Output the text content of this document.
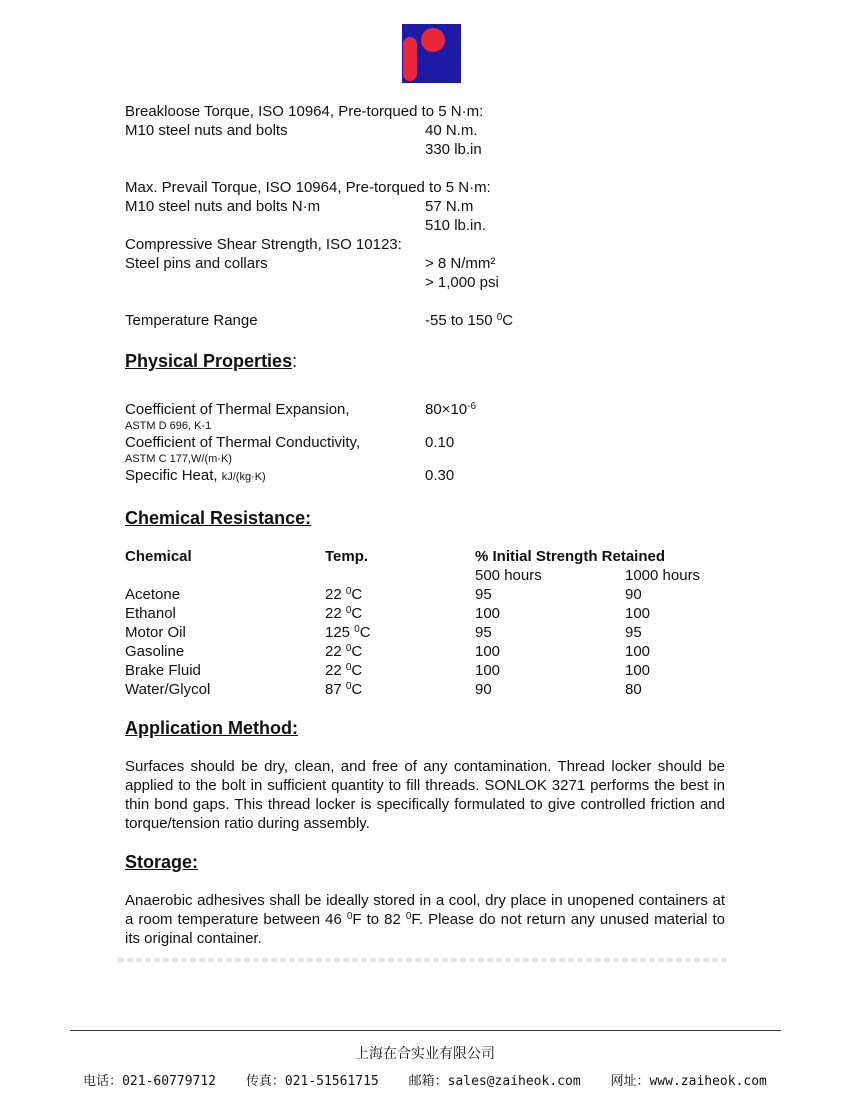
Breakloose Torque, ISO 10964, Pre-torqued to 5 N·m:
M10 steel nuts and bolts	40 N.m.
330 lb.in
Max. Prevail Torque, ISO 10964, Pre-torqued to 5 N·m:
M10 steel nuts and bolts N·m	57 N.m
510 lb.in.
Compressive Shear Strength, ISO 10123:
Steel pins and collars	> 8 N/mm²
> 1,000 psi
Temperature Range	-55 to 150 $^0$C
Physical Properties:
Coefficient of Thermal Expansion,	$80\times 10^{-6}$
ASTM D 696, K-1
Coefficient of Thermal Conductivity,	0.10
ASTM C 177,W/(m·K)
Specific Heat, kJ/(kg·K)	0.30
Chemical Resistance:
Chemical	Temp.	% Initial Strength Retained	
		500 hours	1000 hours
Acetone	22 $^0$C	95	90
Ethanol	22 $^0$C	100	100
Motor Oil	125 $^0$C	95	95
Gasoline	22 $^0$C	100	100
Brake Fluid	22 $^0$C	100	100
Water/Glycol	87 $^0$C	90	80
Application Method:

Surfaces should be dry, clean, and free of any contamination. Thread locker should be applied to the bolt in sufficient quantity to fill threads. SONLOK 3271 performs the best in thin bond gaps. This thread locker is specifically formulated to give controlled friction and torque/tension ratio during assembly.

Storage:

Anaerobic adhesives shall be ideally stored in a cool, dry place in unopened containers at a room temperature between 46 $^0$F to 82 $^0$F. Please do not return any unused material to its original container.

上海在合实业有限公司
电话：021-60779712 传真：021-51561715 邮箱：sales@zaiheok.com 网址：www.zaiheok.com
